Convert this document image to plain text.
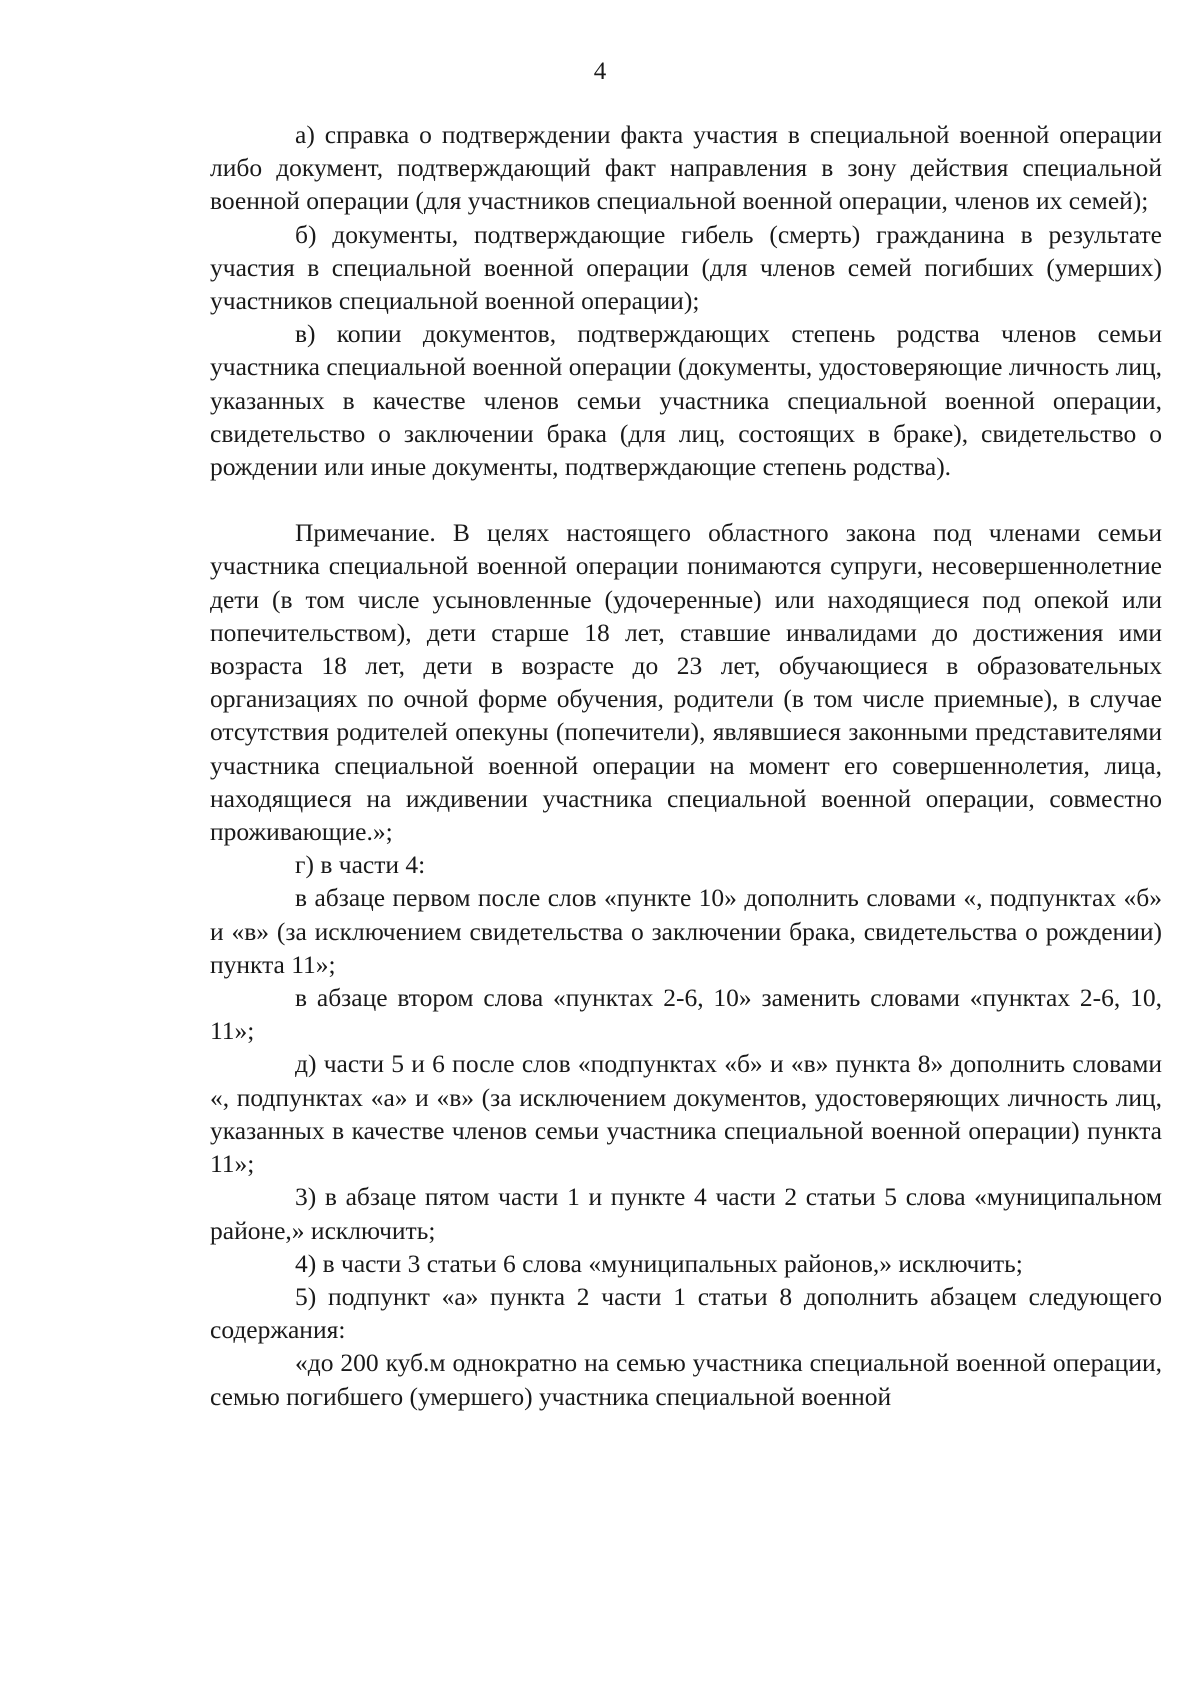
4

а) справка о подтверждении факта участия в специальной военной операции либо документ, подтверждающий факт направления в зону действия специальной военной операции (для участников специальной военной операции, членов их семей);

б) документы, подтверждающие гибель (смерть) гражданина в результате участия в специальной военной операции (для членов семей погибших (умерших) участников специальной военной операции);

в) копии документов, подтверждающих степень родства членов семьи участника специальной военной операции (документы, удостоверяющие личность лиц, указанных в качестве членов семьи участника специальной военной операции, свидетельство о заключении брака (для лиц, состоящих в браке), свидетельство о рождении или иные документы, подтверждающие степень родства).

Примечание. В целях настоящего областного закона под членами семьи участника специальной военной операции понимаются супруги, несовершеннолетние дети (в том числе усыновленные (удочеренные) или находящиеся под опекой или попечительством), дети старше 18 лет, ставшие инвалидами до достижения ими возраста 18 лет, дети в возрасте до 23 лет, обучающиеся в образовательных организациях по очной форме обучения, родители (в том числе приемные), в случае отсутствия родителей опекуны (попечители), являвшиеся законными представителями участника специальной военной операции на момент его совершеннолетия, лица, находящиеся на иждивении участника специальной военной операции, совместно проживающие.»;

г) в части 4:

в абзаце первом после слов «пункте 10» дополнить словами «, подпунктах «б» и «в» (за исключением свидетельства о заключении брака, свидетельства о рождении) пункта 11»;

в абзаце втором слова «пунктах 2-6, 10» заменить словами «пунктах 2-6, 10, 11»;

д) части 5 и 6 после слов «подпунктах «б» и «в» пункта 8» дополнить словами «, подпунктах «а» и «в» (за исключением документов, удостоверяющих личность лиц, указанных в качестве членов семьи участника специальной военной операции) пункта 11»;

3) в абзаце пятом части 1 и пункте 4 части 2 статьи 5 слова «муниципальном районе,» исключить;

4) в части 3 статьи 6 слова «муниципальных районов,» исключить;

5) подпункт «а» пункта 2 части 1 статьи 8 дополнить абзацем следующего содержания:

«до 200 куб.м однократно на семью участника специальной военной операции, семью погибшего (умершего) участника специальной военной
